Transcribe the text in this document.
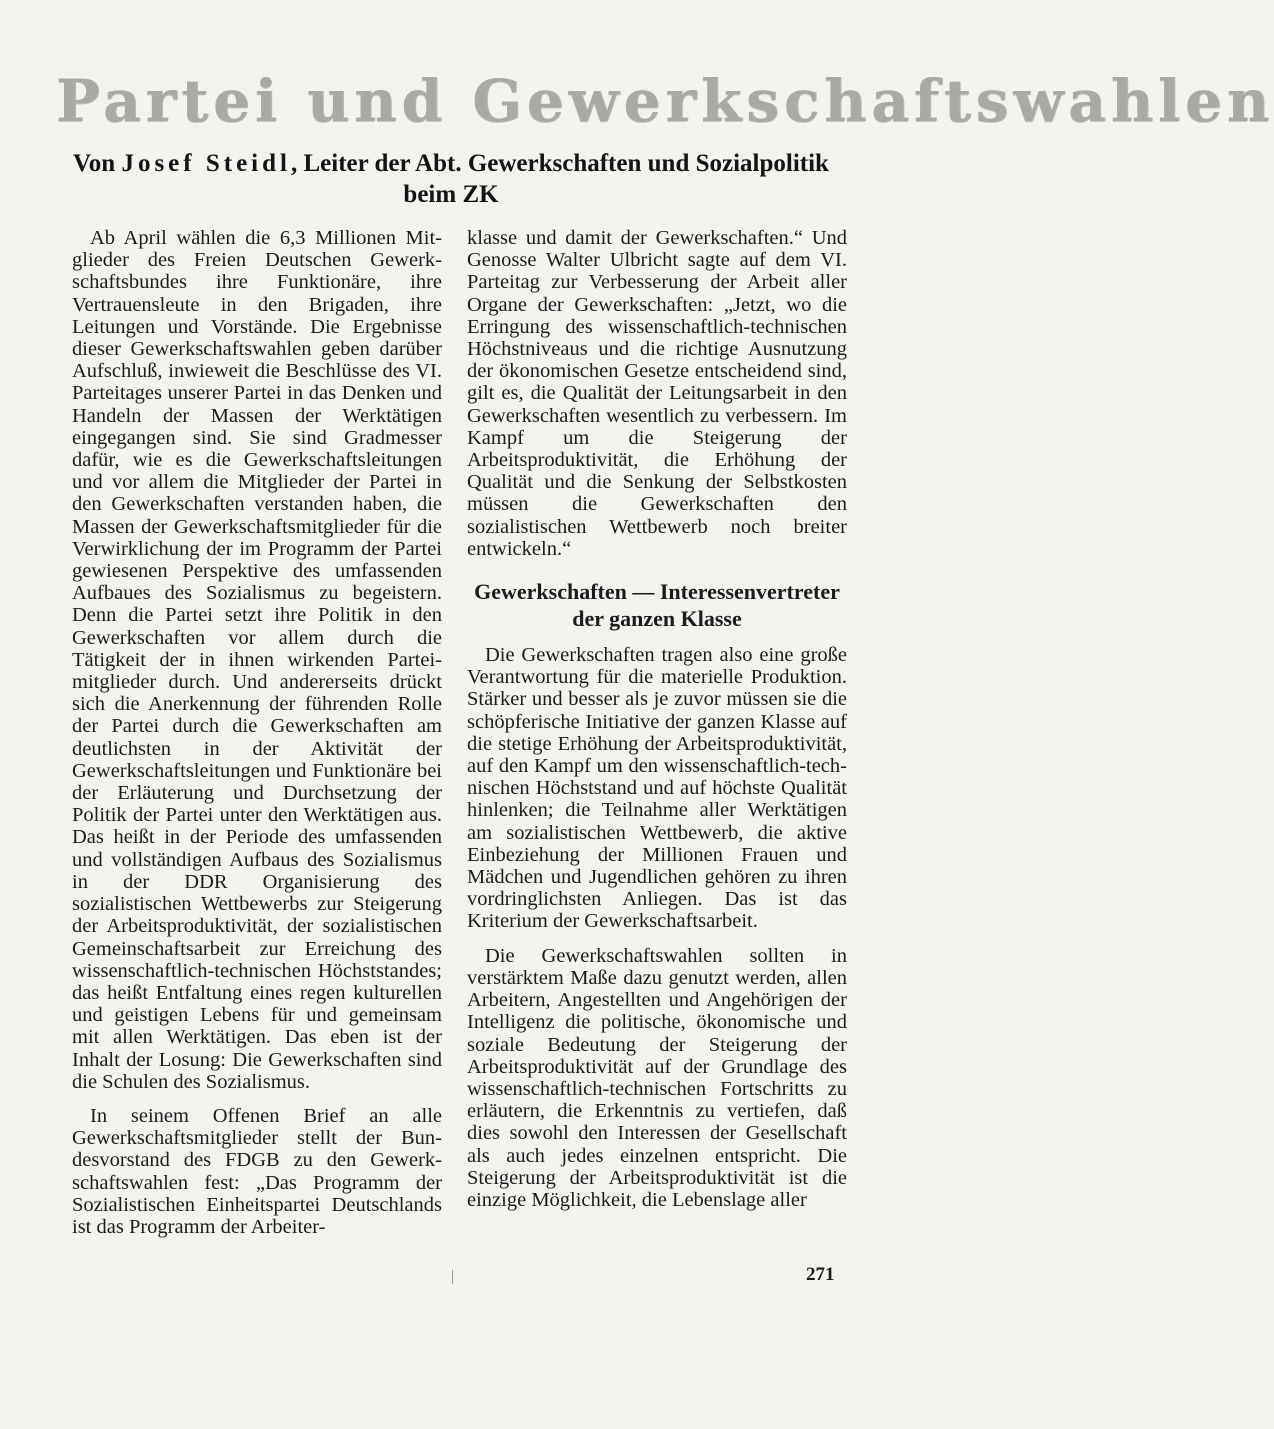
Partei und Gewerkschaftswahlen
Von Josef Steidl, Leiter der Abt. Gewerkschaften und Sozialpolitik beim ZK

Ab April wählen die 6,3 Millionen Mitglieder des Freien Deutschen Gewerkschaftsbundes ihre Funktionäre, ihre Vertrauensleute in den Brigaden, ihre Leitungen und Vorstände. Die Ergebnisse dieser Gewerkschaftswahlen geben darüber Aufschluß, inwieweit die Beschlüsse des VI. Parteitages unserer Partei in das Denken und Handeln der Massen der Werktätigen eingegangen sind. Sie sind Gradmesser dafür, wie es die Gewerkschaftsleitungen und vor allem die Mitglieder der Partei in den Gewerkschaften verstanden haben, die Massen der Gewerkschaftsmitglieder für die Verwirklichung der im Programm der Partei gewiesenen Perspektive des umfassenden Aufbaues des Sozialismus zu begeistern. Denn die Partei setzt ihre Politik in den Gewerkschaften vor allem durch die Tätigkeit der in ihnen wirkenden Parteimitglieder durch. Und andererseits drückt sich die Anerkennung der führenden Rolle der Partei durch die Gewerkschaften am deutlichsten in der Aktivität der Gewerkschaftsleitungen und Funktionäre bei der Erläuterung und Durchsetzung der Politik der Partei unter den Werktätigen aus. Das heißt in der Periode des umfassenden und vollständigen Aufbaus des Sozialismus in der DDR Organisierung des sozialistischen Wettbewerbs zur Steigerung der Arbeitsproduktivität, der sozialistischen Gemeinschaftsarbeit zur Erreichung des wissenschaftlich-technischen Höchststandes; das heißt Entfaltung eines regen kulturellen und geistigen Lebens für und gemeinsam mit allen Werktätigen. Das eben ist der Inhalt der Losung: Die Gewerkschaften sind die Schulen des Sozialismus.

In seinem Offenen Brief an alle Gewerkschaftsmitglieder stellt der Bundesvorstand des FDGB zu den Gewerkschaftswahlen fest: „Das Programm der Sozialistischen Einheitspartei Deutschlands ist das Programm der Arbeiter-

klasse und damit der Gewerkschaften.“ Und Genosse Walter Ulbricht sagte auf dem VI. Parteitag zur Verbesserung der Arbeit aller Organe der Gewerkschaften: „Jetzt, wo die Erringung des wissenschaftlich-technischen Höchstniveaus und die richtige Ausnutzung der ökonomischen Gesetze entscheidend sind, gilt es, die Qualität der Leitungsarbeit in den Gewerkschaften wesentlich zu verbessern. Im Kampf um die Steigerung der Arbeitsproduktivität, die Erhöhung der Qualität und die Senkung der Selbstkosten müssen die Gewerkschaften den sozialistischen Wettbewerb noch breiter entwickeln.“

Gewerkschaften — Interessenvertreter der ganzen Klasse

Die Gewerkschaften tragen also eine große Verantwortung für die materielle Produktion. Stärker und besser als je zuvor müssen sie die schöpferische Initiative der ganzen Klasse auf die stetige Erhöhung der Arbeitsproduktivität, auf den Kampf um den wissenschaftlich-technischen Höchststand und auf höchste Qualität hinlenken; die Teilnahme aller Werktätigen am sozialistischen Wettbewerb, die aktive Einbeziehung der Millionen Frauen und Mädchen und Jugendlichen gehören zu ihren vordringlichsten Anliegen. Das ist das Kriterium der Gewerkschaftsarbeit.

Die Gewerkschaftswahlen sollten in verstärktem Maße dazu genutzt werden, allen Arbeitern, Angestellten und Angehörigen der Intelligenz die politische, ökonomische und soziale Bedeutung der Steigerung der Arbeitsproduktivität auf der Grundlage des wissenschaftlich-technischen Fortschritts zu erläutern, die Erkenntnis zu vertiefen, daß dies sowohl den Interessen der Gesellschaft als auch jedes einzelnen entspricht. Die Steigerung der Arbeitsproduktivität ist die einzige Möglichkeit, die Lebenslage aller

271
